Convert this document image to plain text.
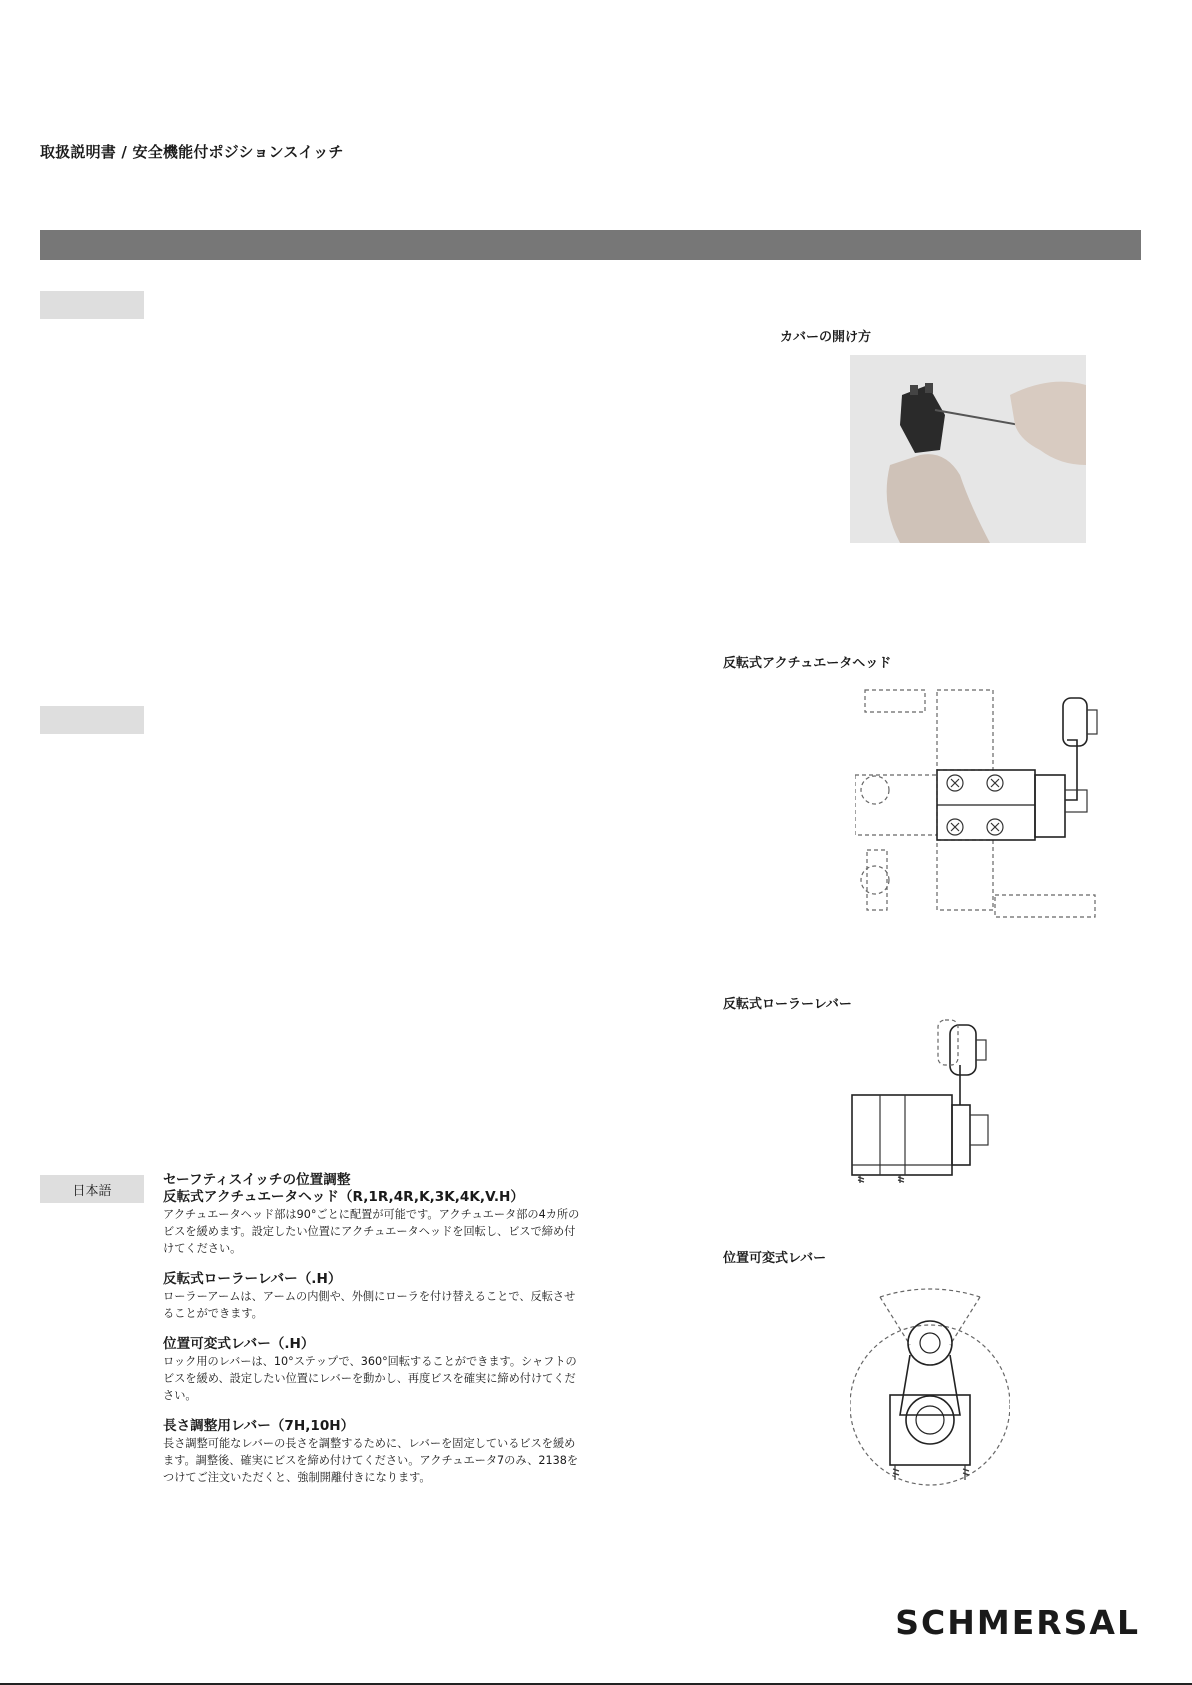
取扱説明書 / 安全機能付ポジションスイッチ
日本語
セーフティスイッチの位置調整
反転式アクチュエータヘッド（R,1R,4R,K,3K,4K,V.H）

アクチュエータヘッド部は90°ごとに配置が可能です。アクチュエータ部の4カ所のビスを緩めます。設定したい位置にアクチュエータヘッドを回転し、ビスで締め付けてください。

反転式ローラーレバー（.H）

ローラーアームは、アームの内側や、外側にローラを付け替えることで、反転させることができます。

位置可変式レバー（.H）

ロック用のレバーは、10°ステップで、360°回転することができます。シャフトのビスを緩め、設定したい位置にレバーを動かし、再度ビスを確実に締め付けてください。

長さ調整用レバー（7H,10H）

長さ調整可能なレバーの長さを調整するために、レバーを固定しているビスを緩めます。調整後、確実にビスを締め付けてください。アクチュエータ7のみ、2138をつけてご注文いただくと、強制開離付きになります。

カバーの開け方
反転式アクチュエータヘッド
反転式ローラーレバー
位置可変式レバー
SCHMERSAL
